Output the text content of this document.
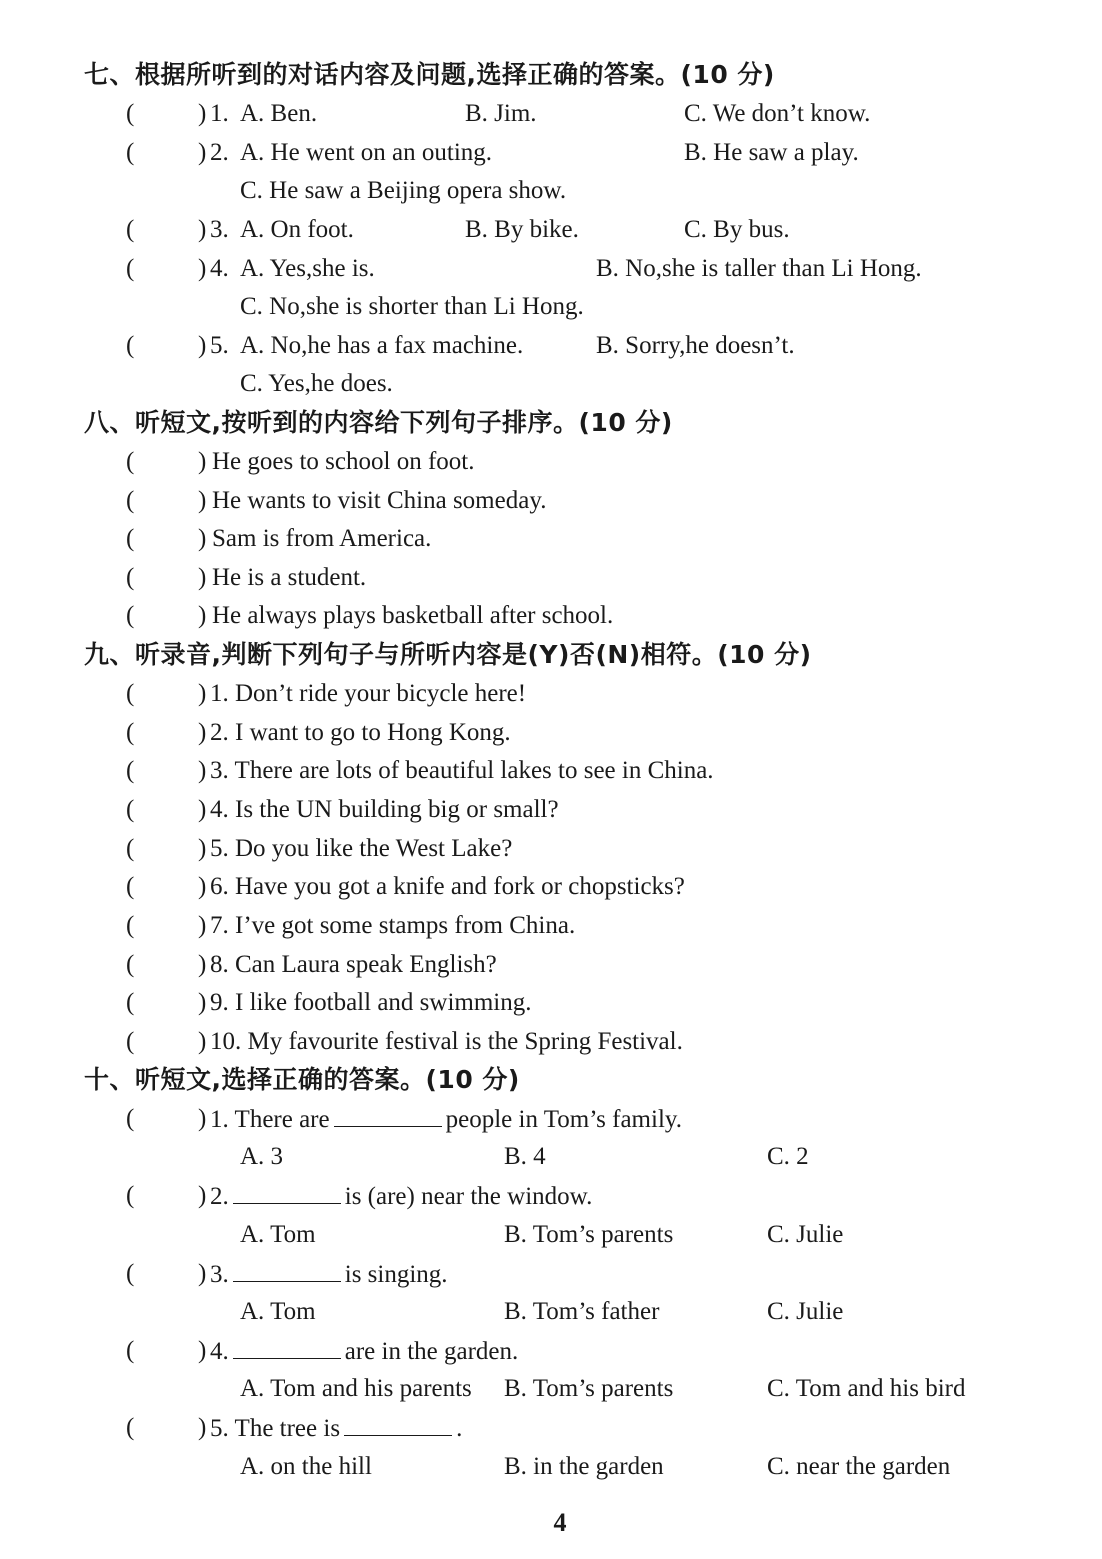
七、根据所听到的对话内容及问题,选择正确的答案。(10 分)
(	) 1. A. Ben.	B. Jim.	C. We don’t know.
(	) 2. A. He went on an outing.	B. He saw a play.
C. He saw a Beijing opera show.
(	) 3. A. On foot.	B. By bike.	C. By bus.
(	) 4. A. Yes,she is.	B. No,she is taller than Li Hong.
C. No,she is shorter than Li Hong.
(	) 5. A. No,he has a fax machine.	B. Sorry,he doesn’t.
C. Yes,he does.
八、听短文,按听到的内容给下列句子排序。(10 分)
(	) He goes to school on foot.
(	) He wants to visit China someday.
(	) Sam is from America.
(	) He is a student.
(	) He always plays basketball after school.
九、听录音,判断下列句子与所听内容是(Y)否(N)相符。(10 分)
(	) 1. Don’t ride your bicycle here!
(	) 2. I want to go to Hong Kong.
(	) 3. There are lots of beautiful lakes to see in China.
(	) 4. Is the UN building big or small?
(	) 5. Do you like the West Lake?
(	) 6. Have you got a knife and fork or chopsticks?
(	) 7. I’ve got some stamps from China.
(	) 8. Can Laura speak English?
(	) 9. I like football and swimming.
(	) 10. My favourite festival is the Spring Festival.
十、听短文,选择正确的答案。(10 分)
(	) 1. There are	people in Tom’s family.
A. 3	B. 4	C. 2
(	) 2.	is (are) near the window.
A. Tom	B. Tom’s parents	C. Julie
(	) 3.	is singing.
A. Tom	B. Tom’s father	C. Julie
(	) 4.	are in the garden.
A. Tom and his parents B. Tom’s parents	C. Tom and his bird
(	) 5. The tree is	.
A. on the hill	B. in the garden	C. near the garden
4
